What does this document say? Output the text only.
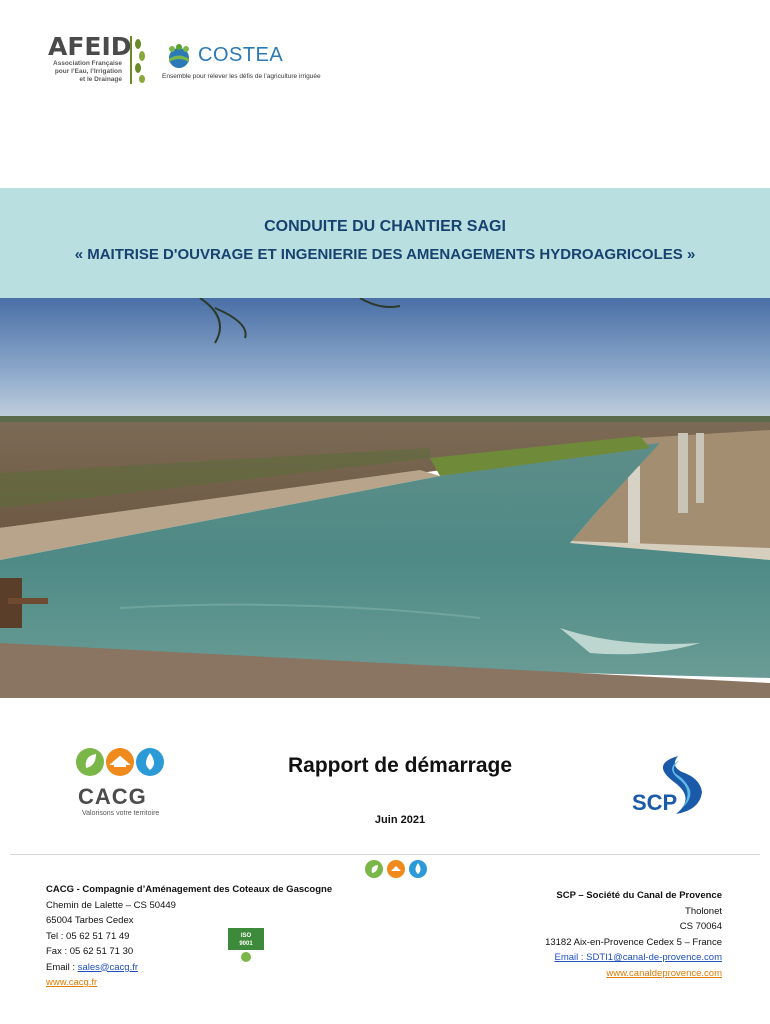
AFEID
Association Française
pour l’Eau, l’Irrigation
et le Drainage
COSTEA
Ensemble pour relever les défis de l’agriculture irriguée
CONDUITE DU CHANTIER SAGI
« MAITRISE D'OUVRAGE ET INGENIERIE DES AMENAGEMENTS HYDROAGRICOLES »
CACG
Valorisons votre territoire
Rapport de démarrage
Juin 2021
SCP
CACG - Compagnie d’Aménagement des Coteaux de Gascogne
Chemin de Lalette – CS 50449
65004 Tarbes Cedex
Tel : 05 62 51 71 49
Fax : 05 62 51 71 30
Email : sales@cacg.fr
www.cacg.fr
ISO
9001
SCP – Société du Canal de Provence
Tholonet
CS 70064
13182 Aix-en-Provence Cedex 5 – France
Email : SDTI1@canal-de-provence.com
www.canaldeprovence.com
